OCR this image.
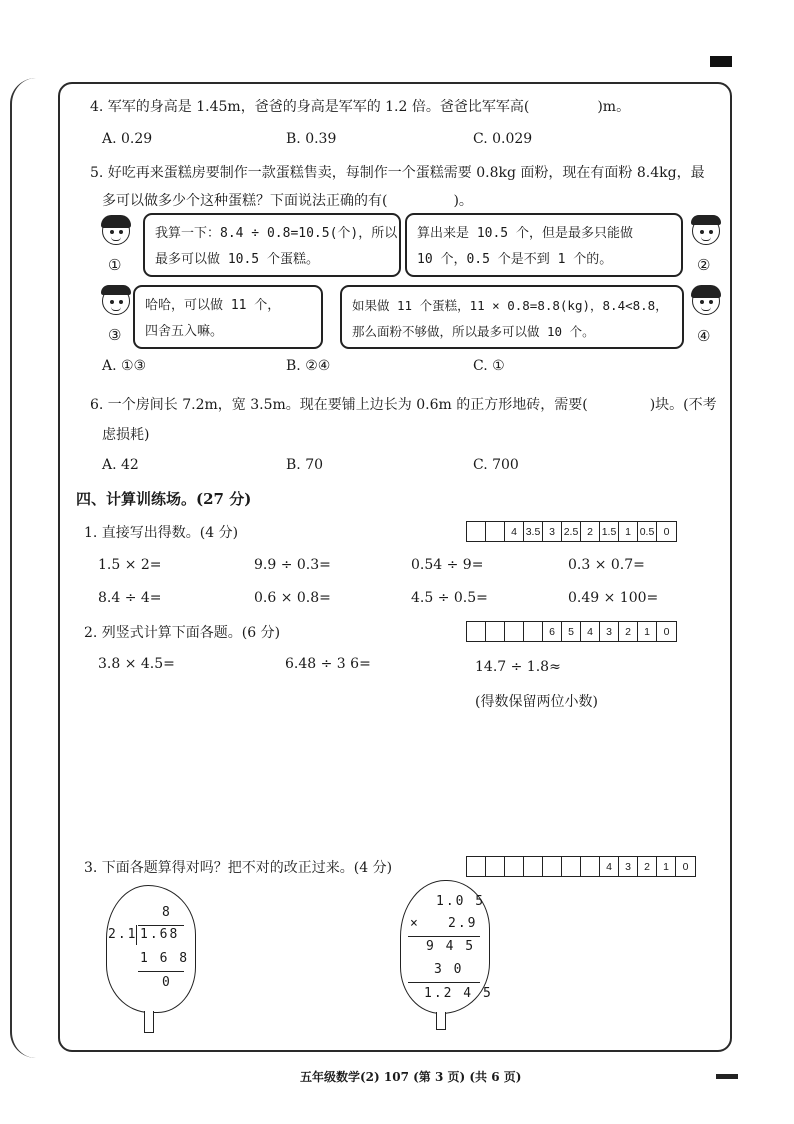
4. 军军的身高是 1.45m，爸爸的身高是军军的 1.2 倍。爸爸比军军高(	)m。
A. 0.29	B. 0.39	C. 0.029
5. 好吃再来蛋糕房要制作一款蛋糕售卖，每制作一个蛋糕需要 0.8kg 面粉，现在有面粉 8.4kg，最
多可以做多少个这种蛋糕？下面说法正确的有(	)。
①
我算一下：8.4 ÷ 0.8=10.5(个)，所以
最多可以做 10.5 个蛋糕。
算出来是 10.5 个，但是最多只能做
10 个，0.5 个是不到 1 个的。	②
③
哈哈，可以做 11 个，
四舍五入嘛。
如果做 11 个蛋糕，11 × 0.8=8.8(kg)，8.4<8.8，
那么面粉不够做，所以最多可以做 10 个。	④
A. ①③	B. ②④	C. ①
6. 一个房间长 7.2m，宽 3.5m。现在要铺上边长为 0.6m 的正方形地砖，需要(	)块。(不考
虑损耗)
A. 42	B. 70	C. 700
四、计算训练场。(27 分)
1. 直接写出得数。(4 分)	4 3.5 3 2.5 2 1.5 1 0.5 0
1.5 × 2=	9.9 ÷ 0.3=	0.54 ÷ 9=	0.3 × 0.7=
8.4 ÷ 4=	0.6 × 0.8=	4.5 ÷ 0.5=	0.49 × 100=
2. 列竖式计算下面各题。(6 分)	6	5	4	3	2	1	0
3.8 × 4.5=	6.48 ÷ 3 6=	14.7 ÷ 1.8≈
(得数保留两位小数)
3. 下面各题算得对吗？把不对的改正过来。(4 分)	4	3	2	1	0
8
2.1 1.68
1 6 8
0
1.0 5
× 2.9
9 4 5
3 0
1.2 4 5
五年级数学(2) 107 (第 3 页) (共 6 页)
